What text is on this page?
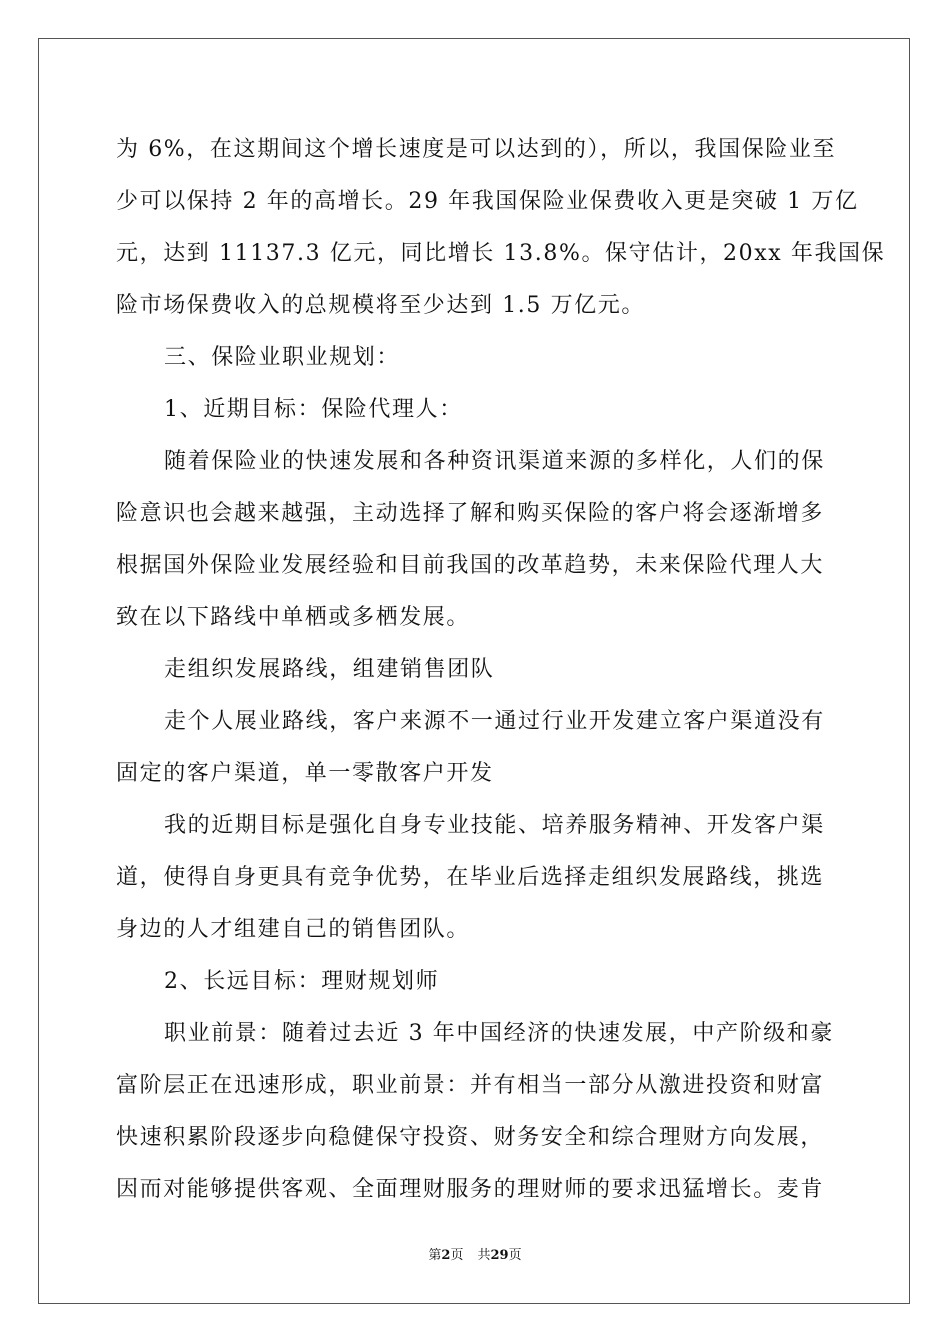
为 6%，在这期间这个增长速度是可以达到的），所以，我国保险业至
少可以保持 2 年的高增长。29 年我国保险业保费收入更是突破 1 万亿
元，达到 11137.3 亿元，同比增长 13.8%。保守估计，20xx 年我国保
险市场保费收入的总规模将至少达到 1.5 万亿元。
三、保险业职业规划：
1、近期目标：保险代理人：
随着保险业的快速发展和各种资讯渠道来源的多样化，人们的保
险意识也会越来越强，主动选择了解和购买保险的客户将会逐渐增多
根据国外保险业发展经验和目前我国的改革趋势，未来保险代理人大
致在以下路线中单栖或多栖发展。
走组织发展路线，组建销售团队
走个人展业路线，客户来源不一通过行业开发建立客户渠道没有
固定的客户渠道，单一零散客户开发
我的近期目标是强化自身专业技能、培养服务精神、开发客户渠
道，使得自身更具有竞争优势，在毕业后选择走组织发展路线，挑选
身边的人才组建自己的销售团队。
2、长远目标：理财规划师
职业前景：随着过去近 3 年中国经济的快速发展，中产阶级和豪
富阶层正在迅速形成，职业前景：并有相当一部分从激进投资和财富
快速积累阶段逐步向稳健保守投资、财务安全和综合理财方向发展，
因而对能够提供客观、全面理财服务的理财师的要求迅猛增长。麦肯
第2页 共29页
